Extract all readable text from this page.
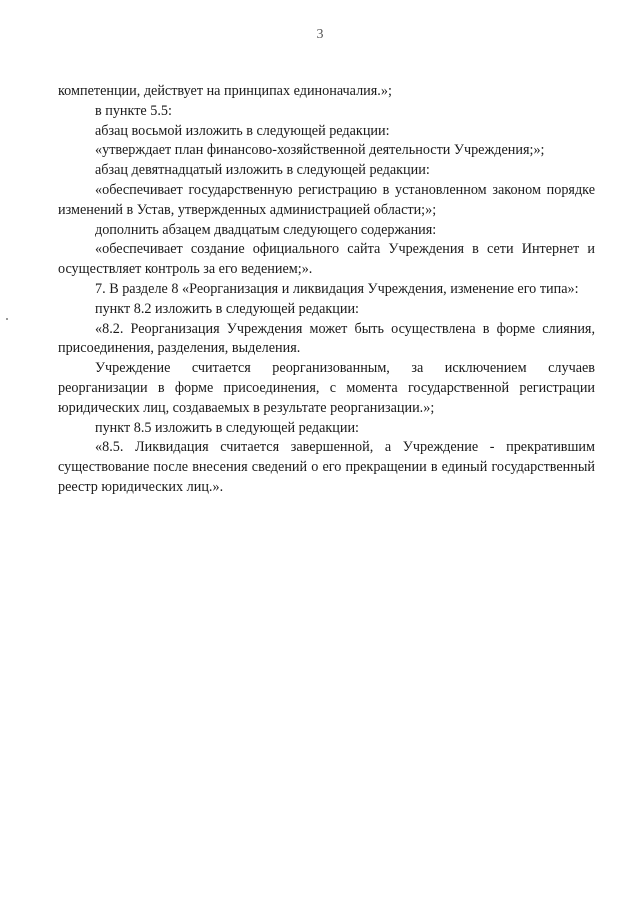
3

компетенции, действует на принципах единоначалия.»;

в пункте 5.5:

абзац восьмой изложить в следующей редакции:

«утверждает план финансово-хозяйственной деятельности Учреждения;»;

абзац девятнадцатый изложить в следующей редакции:

«обеспечивает государственную регистрацию в установленном законом порядке изменений в Устав, утвержденных администрацией области;»;

дополнить абзацем двадцатым следующего содержания:

«обеспечивает создание официального сайта Учреждения в сети Интернет и осуществляет контроль за его ведением;».

7. В разделе 8 «Реорганизация и ликвидация Учреждения, изменение его типа»:

пункт 8.2 изложить в следующей редакции:

«8.2. Реорганизация Учреждения может быть осуществлена в форме слияния, присоединения, разделения, выделения.

Учреждение считается реорганизованным, за исключением случаев реорганизации в форме присоединения, с момента государственной регистрации юридических лиц, создаваемых в результате реорганизации.»;

пункт 8.5 изложить в следующей редакции:

«8.5. Ликвидация считается завершенной, а Учреждение - прекратившим существование после внесения сведений о его прекращении в единый государственный реестр юридических лиц.».
